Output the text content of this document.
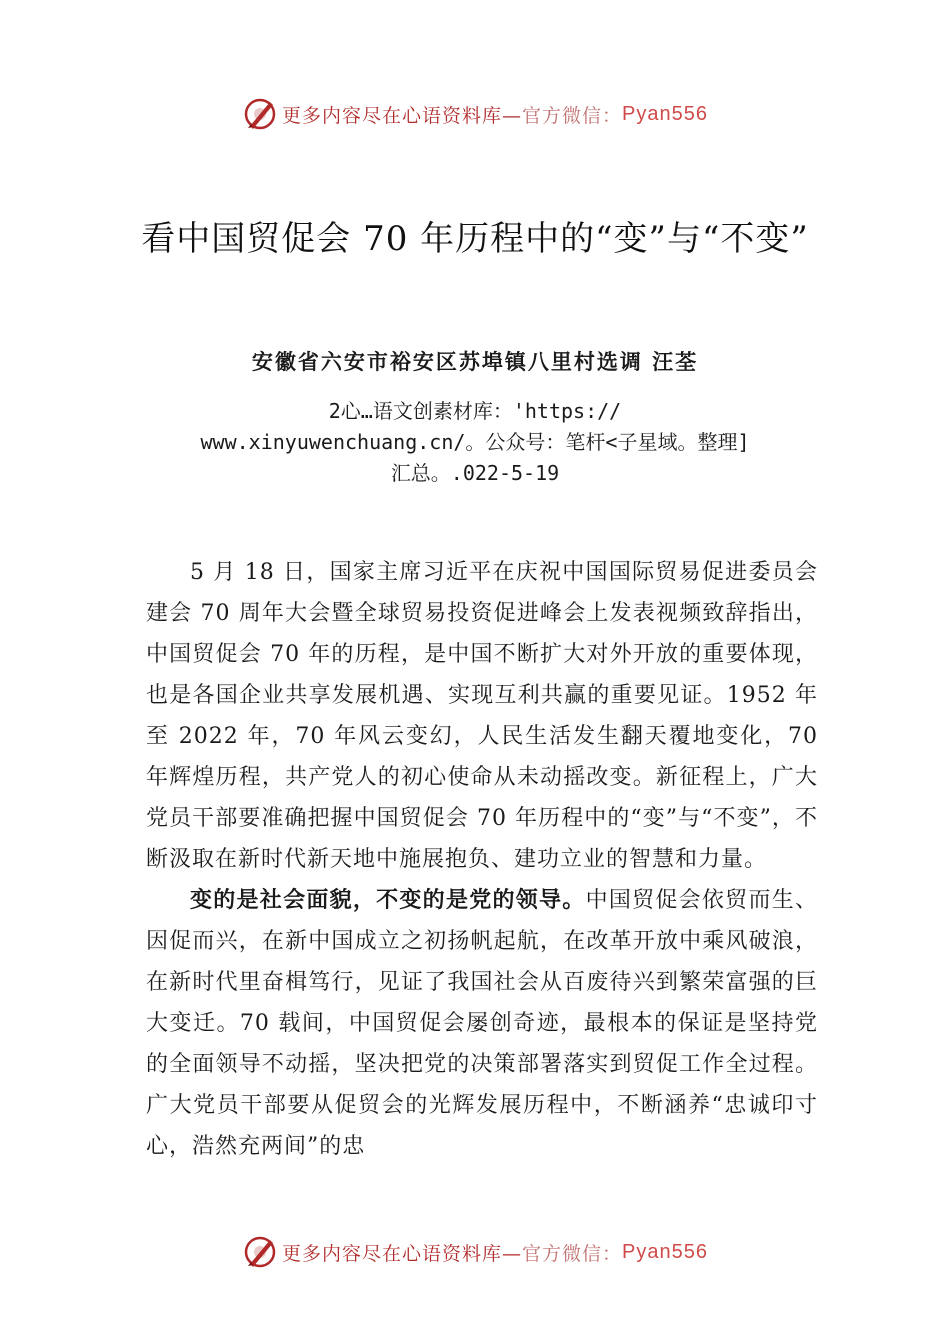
更多内容尽在心语资料库— 官方微信： Pyan556
看中国贸促会 70 年历程中的“变”与“不变”
安徽省六安市裕安区苏埠镇八里村选调 汪荃
2心…语文创素材库：'https://
www.xinyuwenchuang.cn/。公众号：笔杆<子星域。整理]
汇总。.022-5-19

5 月 18 日，国家主席习近平在庆祝中国国际贸易促进委员会建会 70 周年大会暨全球贸易投资促进峰会上发表视频致辞指出，中国贸促会 70 年的历程，是中国不断扩大对外开放的重要体现，也是各国企业共享发展机遇、实现互利共赢的重要见证。1952 年至 2022 年，70 年风云变幻，人民生活发生翻天覆地变化，70 年辉煌历程，共产党人的初心使命从未动摇改变。新征程上，广大党员干部要准确把握中国贸促会 70 年历程中的“变”与“不变”，不断汲取在新时代新天地中施展抱负、建功立业的智慧和力量。

变的是社会面貌，不变的是党的领导。中国贸促会依贸而生、因促而兴，在新中国成立之初扬帆起航，在改革开放中乘风破浪，在新时代里奋楫笃行，见证了我国社会从百废待兴到繁荣富强的巨大变迁。70 载间，中国贸促会屡创奇迹，最根本的保证是坚持党的全面领导不动摇，坚决把党的决策部署落实到贸促工作全过程。广大党员干部要从促贸会的光辉发展历程中，不断涵养“忠诚印寸心，浩然充两间”的忠

更多内容尽在心语资料库— 官方微信： Pyan556
